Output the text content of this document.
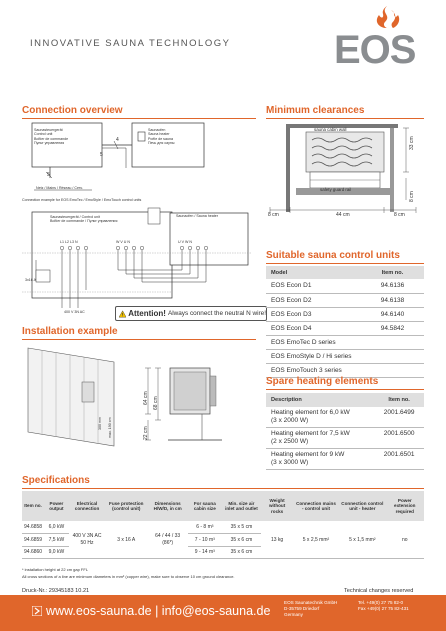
INNOVATIVE SAUNA TECHNOLOGY	EOS
Connection overview
Saunasteuergerät
Control unit
Boîtier de commande
Пульт управления
Saunaofen
Sauna heater
Poêle de sauna
Печь для сауны
4
5
5
Netz / Mains / Réseau / Сеть
Connection example for EOS EmoTec / EmoStyle / EmoTouch control units
Saunasteuergerät / Control unit
Boîtier de commande / Пульт управления
L1 L2 L3 N	W V U N	U V W N
3x16 A
400 V 3N AC
Saunaofen / Sauna heater
Attention! Always connect the neutral N wire!
Minimum clearances
sauna cabin wall
safety guard rail
33 cm
8 cm
8 cm	44 cm	8 cm
Suitable sauna control units
Model	Item no.
EOS Econ D1	94.6136
EOS Econ D2	94.6138
EOS Econ D3	94.6140
EOS Econ D4	94.5842
EOS EmoTec D series	
EOS EmoStyle D / Hi series	
EOS EmoTouch 3 series	
Spare heating elements
Description	Item no.

Heating element for 6,0 kW
(3 x 2000 W)	2001.6499

Heating element for 7,5 kW
(2 x 2500 W)	2001.6500

Heating element for 9 kW
(3 x 3000 W)	2001.6501
Installation example
64 cm 68 cm
22 cm
max. 190 cm
300 mm
Specifications
Item no.	Power output	Electrical connection	Fuse protection (control unit)	Dimensions H/W/D, in cm	For sauna cabin size	Min. size air inlet and outlet	Weight without rocks	Connection mains - control unit	Connection control unit - heater	Power extension required
94.6858	6,0 kW	400 V 3N AC 50 Hz	3 x 16 A	64 / 44 / 33 (86*)	6 - 8 m³	35 x 5 cm	13 kg	5 x 2,5 mm²	5 x 1,5 mm²	no
94.6859	7,5 kW				7 - 10 m³	35 x 6 cm				
94.6860	9,0 kW				9 - 14 m³	35 x 6 cm				
* installation height at 22 cm gap FFL
All cross sections of a line are minimum diameters in mm² (copper wire), make sure to observe 10 cm ground clearance.
Druck-Nr.: 29345183 10.21	Technical changes reserved
www.eos-sauna.de | info@eos-sauna.de
EOS Saunatechnik GmbH
D-35759 Driedorf
Germany
Tel. +49(0) 27 75 82-0
Fax +49(0) 27 75 82-431
